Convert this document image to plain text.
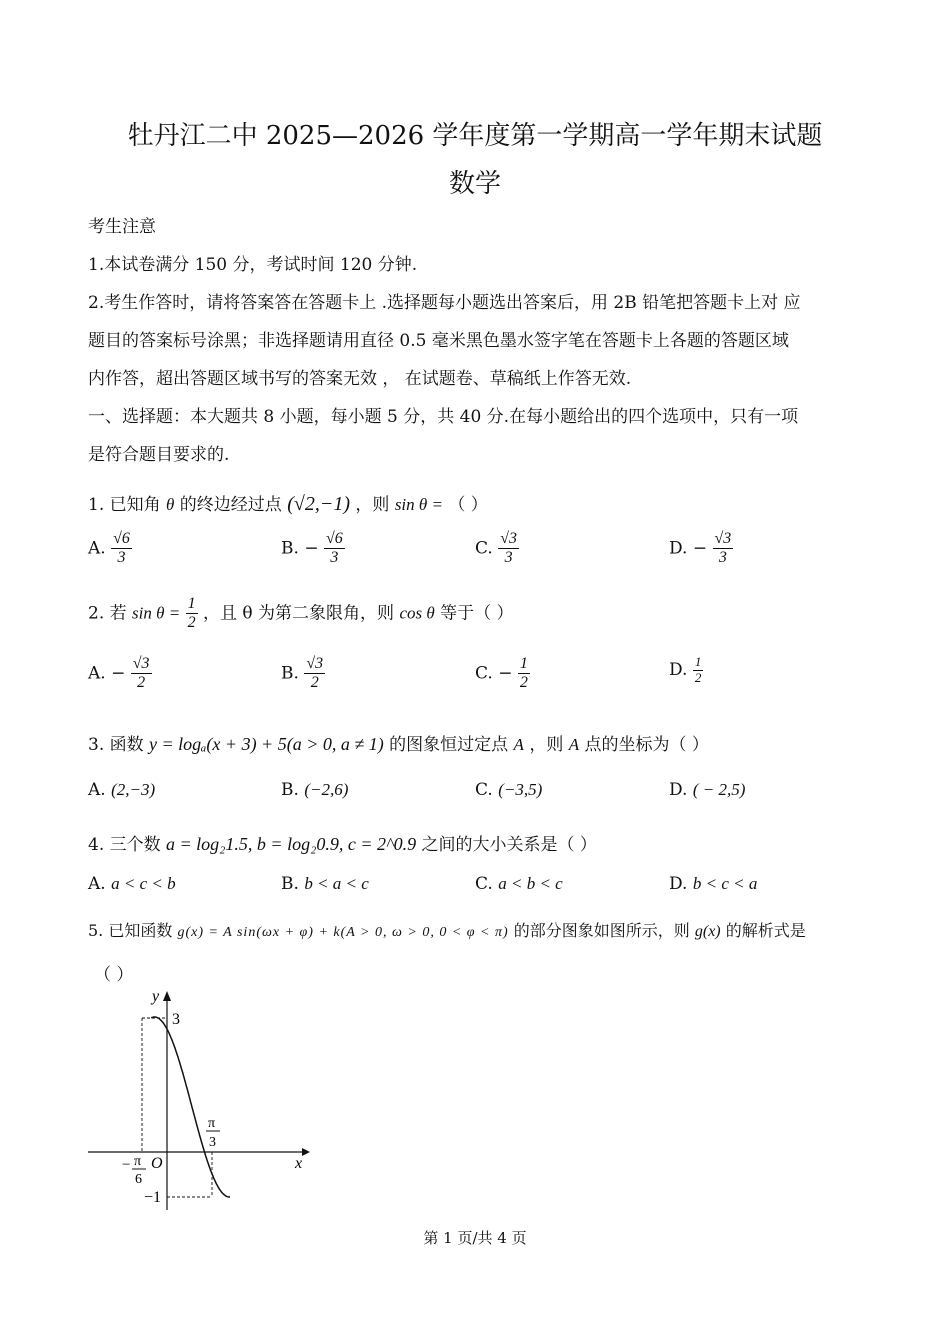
牡丹江二中 2025—2026 学年度第一学期高一学年期末试题
数学
考生注意
1.本试卷满分 150 分，考试时间 120 分钟.
2.考生作答时，请将答案答在答题卡上 .选择题每小题选出答案后，用 2B 铅笔把答题卡上对 应
题目的答案标号涂黑；非选择题请用直径 0.5 毫米黑色墨水签字笔在答题卡上各题的答题区域
内作答，超出答题区域书写的答案无效 ， 在试题卷、草稿纸上作答无效.
一、选择题：本大题共 8 小题，每小题 5 分，共 40 分.在每小题给出的四个选项中，只有一项
是符合题目要求的.
1. 已知角 θ 的终边经过点 (√2,−1) ，则 sin θ = （ ）
A. $\frac{√6}{3}$	B. − $\frac{√6}{3}$	C. $\frac{√3}{3}$	D. − $\frac{√3}{3}$
2. 若 $\sin \theta = \frac{1}{2}$ ，且 θ 为第二象限角，则 cos θ 等于（ ）
A. − $\frac{√3}{2}$	B. $\frac{√3}{2}$	C. − $\frac{1}{2}$	D. $\frac{1}{2}$
3. 函数 y = logₐ(x + 3) + 5(a > 0, a ≠ 1) 的图象恒过定点 A ，则 A 点的坐标为（ ）
A. (2,−3)	B. (−2,6)	C. (−3,5)	D. ( − 2,5)
4. 三个数 a = log₂1.5, b = log₂0.9, c = 2^0.9 之间的大小关系是（ ）
A. a < c < b	B. b < a < c	C. a < b < c	D. b < c < a
5. 已知函数 g(x) = A sin(ωx + φ) + k(A > 0, ω > 0, 0 < φ < π) 的部分图象如图所示，则 g(x) 的解析式是
（ ）
y
x
O
3
−1
− π
6
π
3
第 1 页/共 4 页
